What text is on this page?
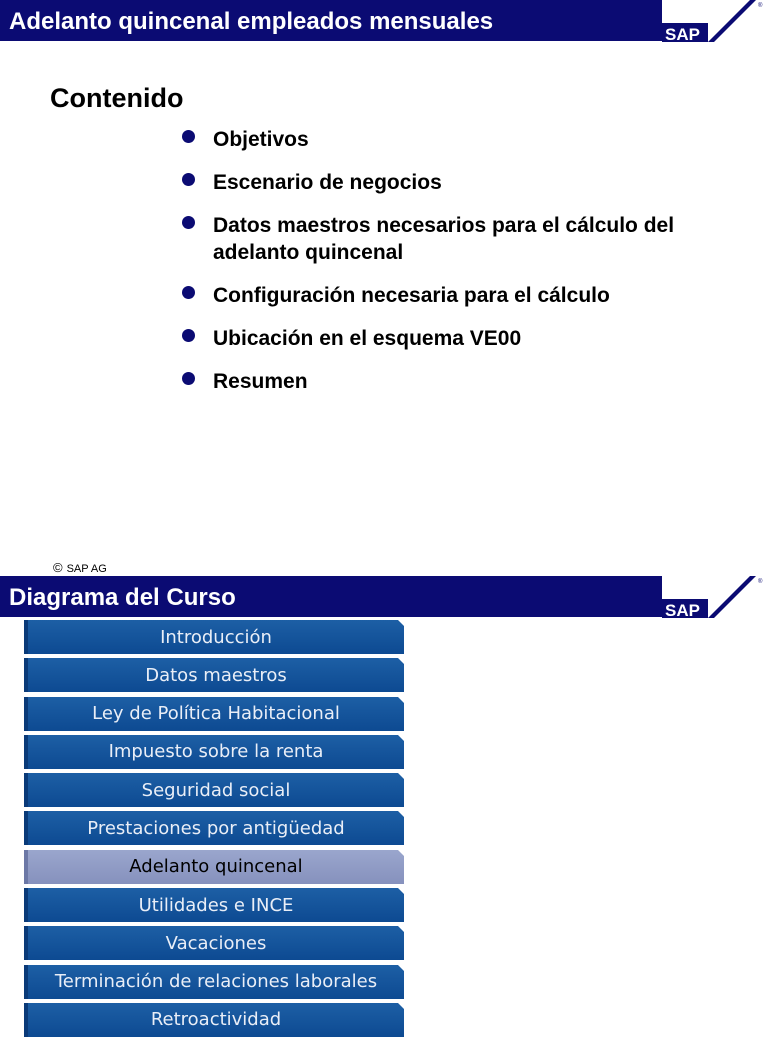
Adelanto quincenal empleados mensuales	SAP
®
Contenido
Objetivos
Escenario de negocios
Datos maestros necesarios para el cálculo del adelanto quincenal
Configuración necesaria para el cálculo
Ubicación en el esquema VE00
Resumen
© SAP AG
Diagrama del Curso	SAP
®
Introducción
Datos maestros
Ley de Política Habitacional
Impuesto sobre la renta
Seguridad social
Prestaciones por antigüedad
Adelanto quincenal
Utilidades e INCE
Vacaciones
Terminación de relaciones laborales
Retroactividad
